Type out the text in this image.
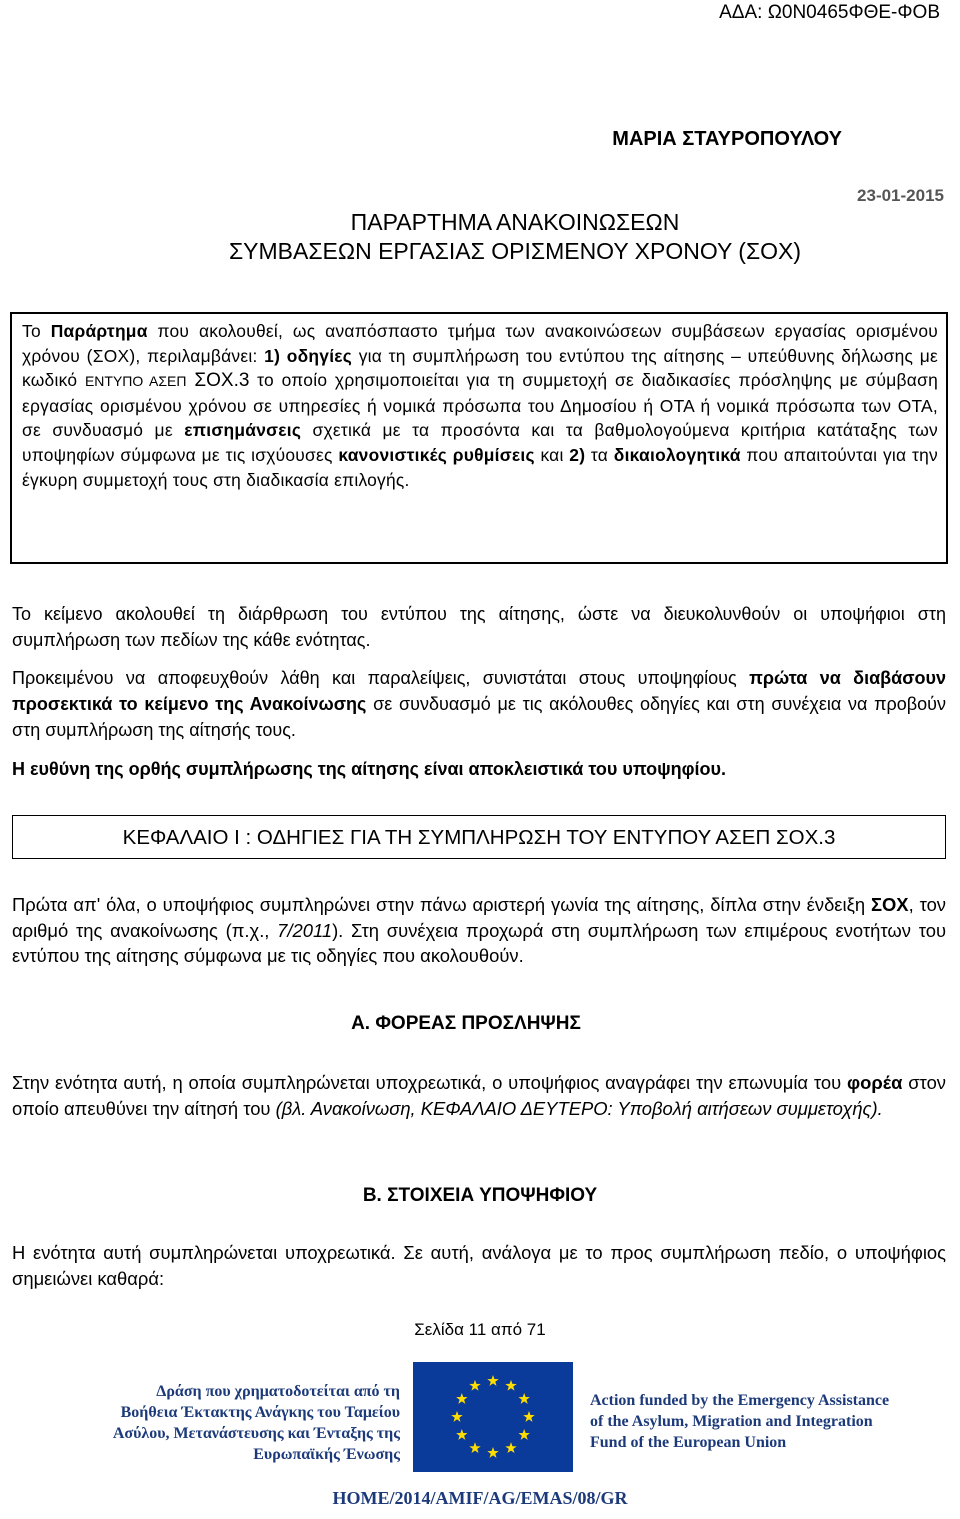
ΑΔΑ: Ω0Ν0465ΦΘΕ-ΦΟΒ
ΜΑΡΙΑ ΣΤΑΥΡΟΠΟΥΛΟΥ
23-01-2015
ΠΑΡΑΡΤΗΜΑ ΑΝΑΚΟΙΝΩΣΕΩΝ
ΣΥΜΒΑΣΕΩΝ ΕΡΓΑΣΙΑΣ ΟΡΙΣΜΕΝΟΥ ΧΡΟΝΟΥ (ΣΟΧ)
Το Παράρτημα που ακολουθεί, ως αναπόσπαστο τμήμα των ανακοινώσεων συμβάσεων εργασίας ορισμένου χρόνου (ΣΟΧ), περιλαμβάνει: 1) οδηγίες για τη συμπλήρωση του εντύπου της αίτησης – υπεύθυνης δήλωσης με κωδικό ΕΝΤΥΠΟ ΑΣΕΠ ΣΟΧ.3 το οποίο χρησιμοποιείται για τη συμμετοχή σε διαδικασίες πρόσληψης με σύμβαση εργασίας ορισμένου χρόνου σε υπηρεσίες ή νομικά πρόσωπα του Δημοσίου ή ΟΤΑ ή νομικά πρόσωπα των ΟΤΑ, σε συνδυασμό με επισημάνσεις σχετικά με τα προσόντα και τα βαθμολογούμενα κριτήρια κατάταξης των υποψηφίων σύμφωνα με τις ισχύουσες κανονιστικές ρυθμίσεις και 2) τα δικαιολογητικά που απαιτούνται για την έγκυρη συμμετοχή τους στη διαδικασία επιλογής.

Το κείμενο ακολουθεί τη διάρθρωση του εντύπου της αίτησης, ώστε να διευκολυνθούν οι υποψήφιοι στη συμπλήρωση των πεδίων της κάθε ενότητας.

Προκειμένου να αποφευχθούν λάθη και παραλείψεις, συνιστάται στους υποψηφίους πρώτα να διαβάσουν προσεκτικά το κείμενο της Ανακοίνωσης σε συνδυασμό με τις ακόλουθες οδηγίες και στη συνέχεια να προβούν στη συμπλήρωση της αίτησής τους.

Η ευθύνη της ορθής συμπλήρωσης της αίτησης είναι αποκλειστικά του υποψηφίου.

ΚΕΦΑΛΑΙΟ Ι : ΟΔΗΓΙΕΣ ΓΙΑ ΤΗ ΣΥΜΠΛΗΡΩΣΗ ΤΟΥ ΕΝΤΥΠΟΥ ΑΣΕΠ ΣΟΧ.3

Πρώτα απ' όλα, ο υποψήφιος συμπληρώνει στην πάνω αριστερή γωνία της αίτησης, δίπλα στην ένδειξη ΣΟΧ, τον αριθμό της ανακοίνωσης (π.χ., 7/2011). Στη συνέχεια προχωρά στη συμπλήρωση των επιμέρους ενοτήτων του εντύπου της αίτησης σύμφωνα με τις οδηγίες που ακολουθούν.

Α. ΦΟΡΕΑΣ ΠΡΟΣΛΗΨΗΣ

Στην ενότητα αυτή, η οποία συμπληρώνεται υποχρεωτικά, ο υποψήφιος αναγράφει την επωνυμία του φορέα στον οποίο απευθύνει την αίτησή του (βλ. Ανακοίνωση, ΚΕΦΑΛΑΙΟ ΔΕΥΤΕΡΟ: Υποβολή αιτήσεων συμμετοχής).

Β. ΣΤΟΙΧΕΙΑ ΥΠΟΨΗΦΙΟΥ

Η ενότητα αυτή συμπληρώνεται υποχρεωτικά. Σε αυτή, ανάλογα με το προς συμπλήρωση πεδίο, ο υποψήφιος σημειώνει καθαρά:

Σελίδα 11 από 71
Δράση που χρηματοδοτείται από τη Βοήθεια Έκτακτης Ανάγκης του Ταμείου Ασύλου, Μετανάστευσης και Ένταξης της Ευρωπαϊκής Ένωσης
Action funded by the Emergency Assistance of the Asylum, Migration and Integration Fund of the European Union
HOME/2014/AMIF/AG/EMAS/08/GR
